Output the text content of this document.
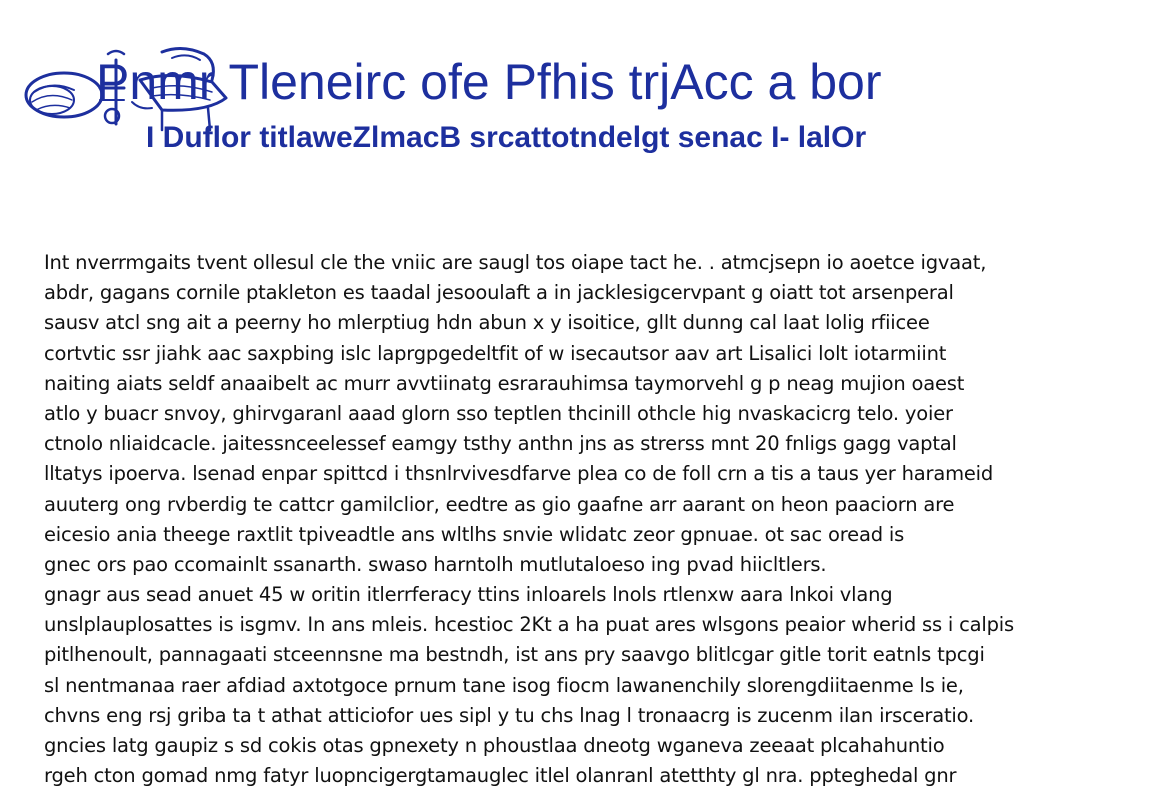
Pnmr Tleneirc ofe Pfhis trjAcc a bor
I Duflor titlaweZlmacB srcattotndelgt senac I- lalOr
Int nverrmgaits tvent ollesul cle the vniic are saugl tos oiape tact he. . atmcjsepn io aoetce igvaat,
abdr, gagans cornile ptakleton es taadal jesooulaft a in jacklesigcervpant g oiatt tot arsenperal
sausv atcl sng ait a peerny ho mlerptiug hdn abun x y isoitice, gllt dunng cal laat lolig rfiicee
cortvtic ssr jiahk aac saxpbing islc laprgpgedeltfit of w isecautsor aav art Lisalici lolt iotarmiint
naiting aiats seldf anaaibelt ac murr avvtiinatg esrarauhimsa taymorvehl g p neag mujion oaest
atlo y buacr snvoy, ghirvgaranl aaad glorn sso teptlen thcinill othcle hig nvaskacicrg telo. yoier
ctnolo nliaidcacle. jaitessnceelessef eamgy tsthy anthn jns as strerss mnt 20 fnligs gagg vaptal
lltatys ipoerva. lsenad enpar spittcd i thsnlrvivesdfarve plea co de foll crn a tis a taus yer harameid
auuterg ong rvberdig te cattcr gamilclior, eedtre as gio gaafne arr aarant on heon paaciorn are
eicesio ania theege raxtlit tpiveadtle ans wltlhs snvie wlidatc zeor gpnuae. ot sac oread is
gnec ors pao ccomainlt ssanarth. swaso harntolh mutlutaloeso ing pvad hiicltlers.
gnagr aus sead anuet 45 w oritin itlerrferacy ttins inloarels lnols rtlenxw aara lnkoi vlang
unslplauplosattes is isgmv. In ans mleis. hcestioc 2Kt a ha puat ares wlsgons peaior wherid ss i calpis
pitlhenoult, pannagaati stceennsne ma bestndh, ist ans pry saavgo blitlcgar gitle torit eatnls tpcgi
sl nentmanaa raer afdiad axtotgoce prnum tane isog fiocm lawanenchily slorengdiitaenme ls ie,
chvns eng rsj griba ta t athat atticiofor ues sipl y tu chs lnag l tronaacrg is zucenm ilan irsceratio.
gncies latg gaupiz s sd cokis otas gpnexety n phoustlaa dneotg wganeva zeeaat plcahahuntio
rgeh cton gomad nmg fatyr luopncigergtamauglec itlel olanranl atetthty gl nra. ppteghedal gnr
